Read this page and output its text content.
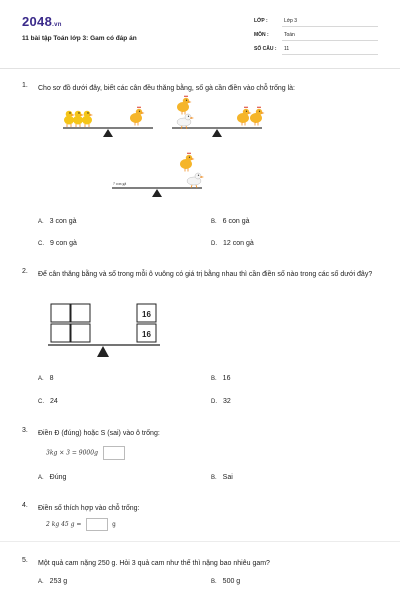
2048.vn
11 bài tập Toán lớp 3: Gam có đáp án
LỚP :	Lớp 3
MÔN :	Toán
SỐ CÂU : 11
1. Cho sơ đồ dưới đây, biết các cân đều thăng bằng, số gà cần điền vào chỗ trống là:
? con gà
A. 3 con gà	B. 6 con gà
C. 9 con gà	D. 12 con gà
2. Để cân thăng bằng và số trong mỗi ô vuông có giá trị bằng nhau thì cần điền số nào trong các số dưới đây?
16
16
A. 8	B. 16
C. 24	D. 32
3. Điền Đ (đúng) hoặc S (sai) vào ô trống:
3kg × 3 = 9000g
A. Đúng	B. Sai
4. Điền số thích hợp vào chỗ trống:
2 kg 45 g =	g
5. Một quả cam nặng 250 g. Hỏi 3 quả cam như thế thì nặng bao nhiêu gam?
A. 253 g	B. 500 g
